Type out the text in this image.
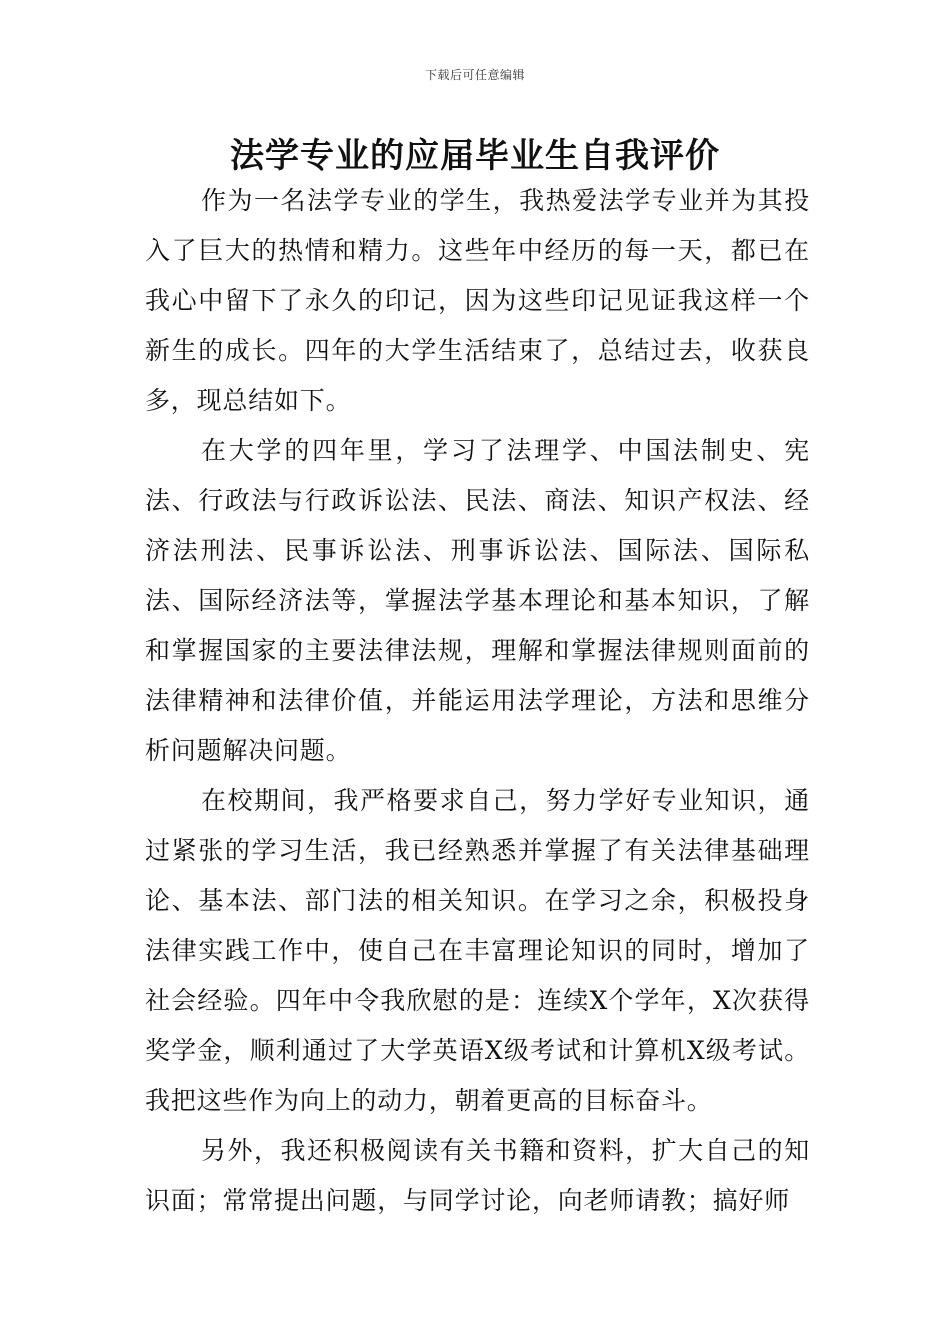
下载后可任意编辑
法学专业的应届毕业生自我评价

作为一名法学专业的学生，我热爱法学专业并为其投入了巨大的热情和精力。这些年中经历的每一天，都已在我心中留下了永久的印记，因为这些印记见证我这样一个新生的成长。四年的大学生活结束了，总结过去，收获良多，现总结如下。

在大学的四年里，学习了法理学、中国法制史、宪法、行政法与行政诉讼法、民法、商法、知识产权法、经济法刑法、民事诉讼法、刑事诉讼法、国际法、国际私法、国际经济法等，掌握法学基本理论和基本知识，了解和掌握国家的主要法律法规，理解和掌握法律规则面前的法律精神和法律价值，并能运用法学理论，方法和思维分析问题解决问题。

在校期间，我严格要求自己，努力学好专业知识，通过紧张的学习生活，我已经熟悉并掌握了有关法律基础理论、基本法、部门法的相关知识。在学习之余，积极投身法律实践工作中，使自己在丰富理论知识的同时，增加了社会经验。四年中令我欣慰的是：连续X个学年，X次获得奖学金，顺利通过了大学英语X级考试和计算机X级考试。我把这些作为向上的动力，朝着更高的目标奋斗。

另外，我还积极阅读有关书籍和资料，扩大自己的知识面；常常提出问题，与同学讨论，向老师请教；搞好师
